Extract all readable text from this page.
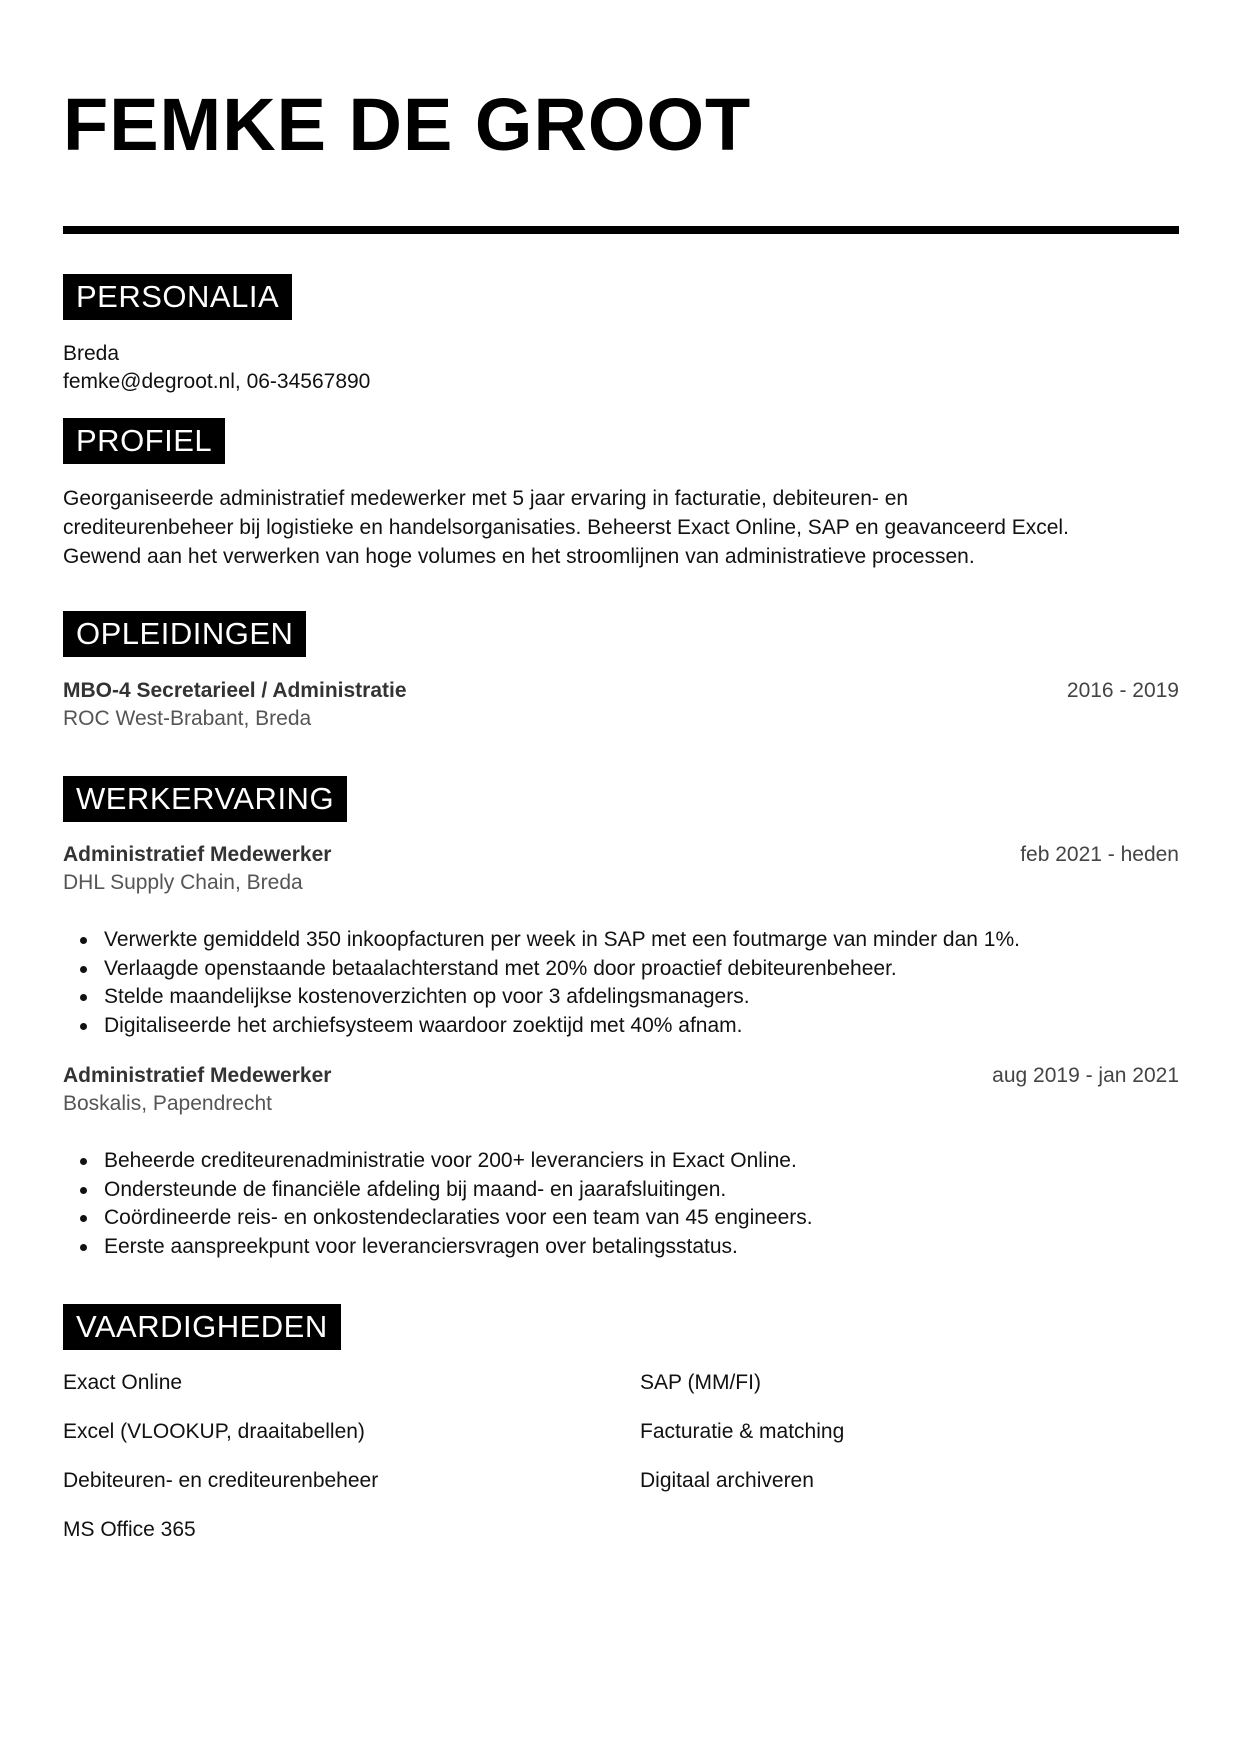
FEMKE DE GROOT
PERSONALIA
Breda
femke@degroot.nl, 06-34567890
PROFIEL
Georganiseerde administratief medewerker met 5 jaar ervaring in facturatie, debiteuren- en
crediteurenbeheer bij logistieke en handelsorganisaties. Beheerst Exact Online, SAP en geavanceerd Excel.
Gewend aan het verwerken van hoge volumes en het stroomlijnen van administratieve processen.
OPLEIDINGEN
MBO-4 Secretarieel / Administratie	2016 - 2019
ROC West-Brabant, Breda
WERKERVARING
Administratief Medewerker	feb 2021 - heden
DHL Supply Chain, Breda
Verwerkte gemiddeld 350 inkoopfacturen per week in SAP met een foutmarge van minder dan 1%.
Verlaagde openstaande betaalachterstand met 20% door proactief debiteurenbeheer.
Stelde maandelijkse kostenoverzichten op voor 3 afdelingsmanagers.
Digitaliseerde het archiefsysteem waardoor zoektijd met 40% afnam.
Administratief Medewerker	aug 2019 - jan 2021
Boskalis, Papendrecht
Beheerde crediteurenadministratie voor 200+ leveranciers in Exact Online.
Ondersteunde de financiële afdeling bij maand- en jaarafsluitingen.
Coördineerde reis- en onkostendeclaraties voor een team van 45 engineers.
Eerste aanspreekpunt voor leveranciersvragen over betalingsstatus.
VAARDIGHEDEN
Exact Online	SAP (MM/FI)
Excel (VLOOKUP, draaitabellen)	Facturatie & matching
Debiteuren- en crediteurenbeheer	Digitaal archiveren
MS Office 365
